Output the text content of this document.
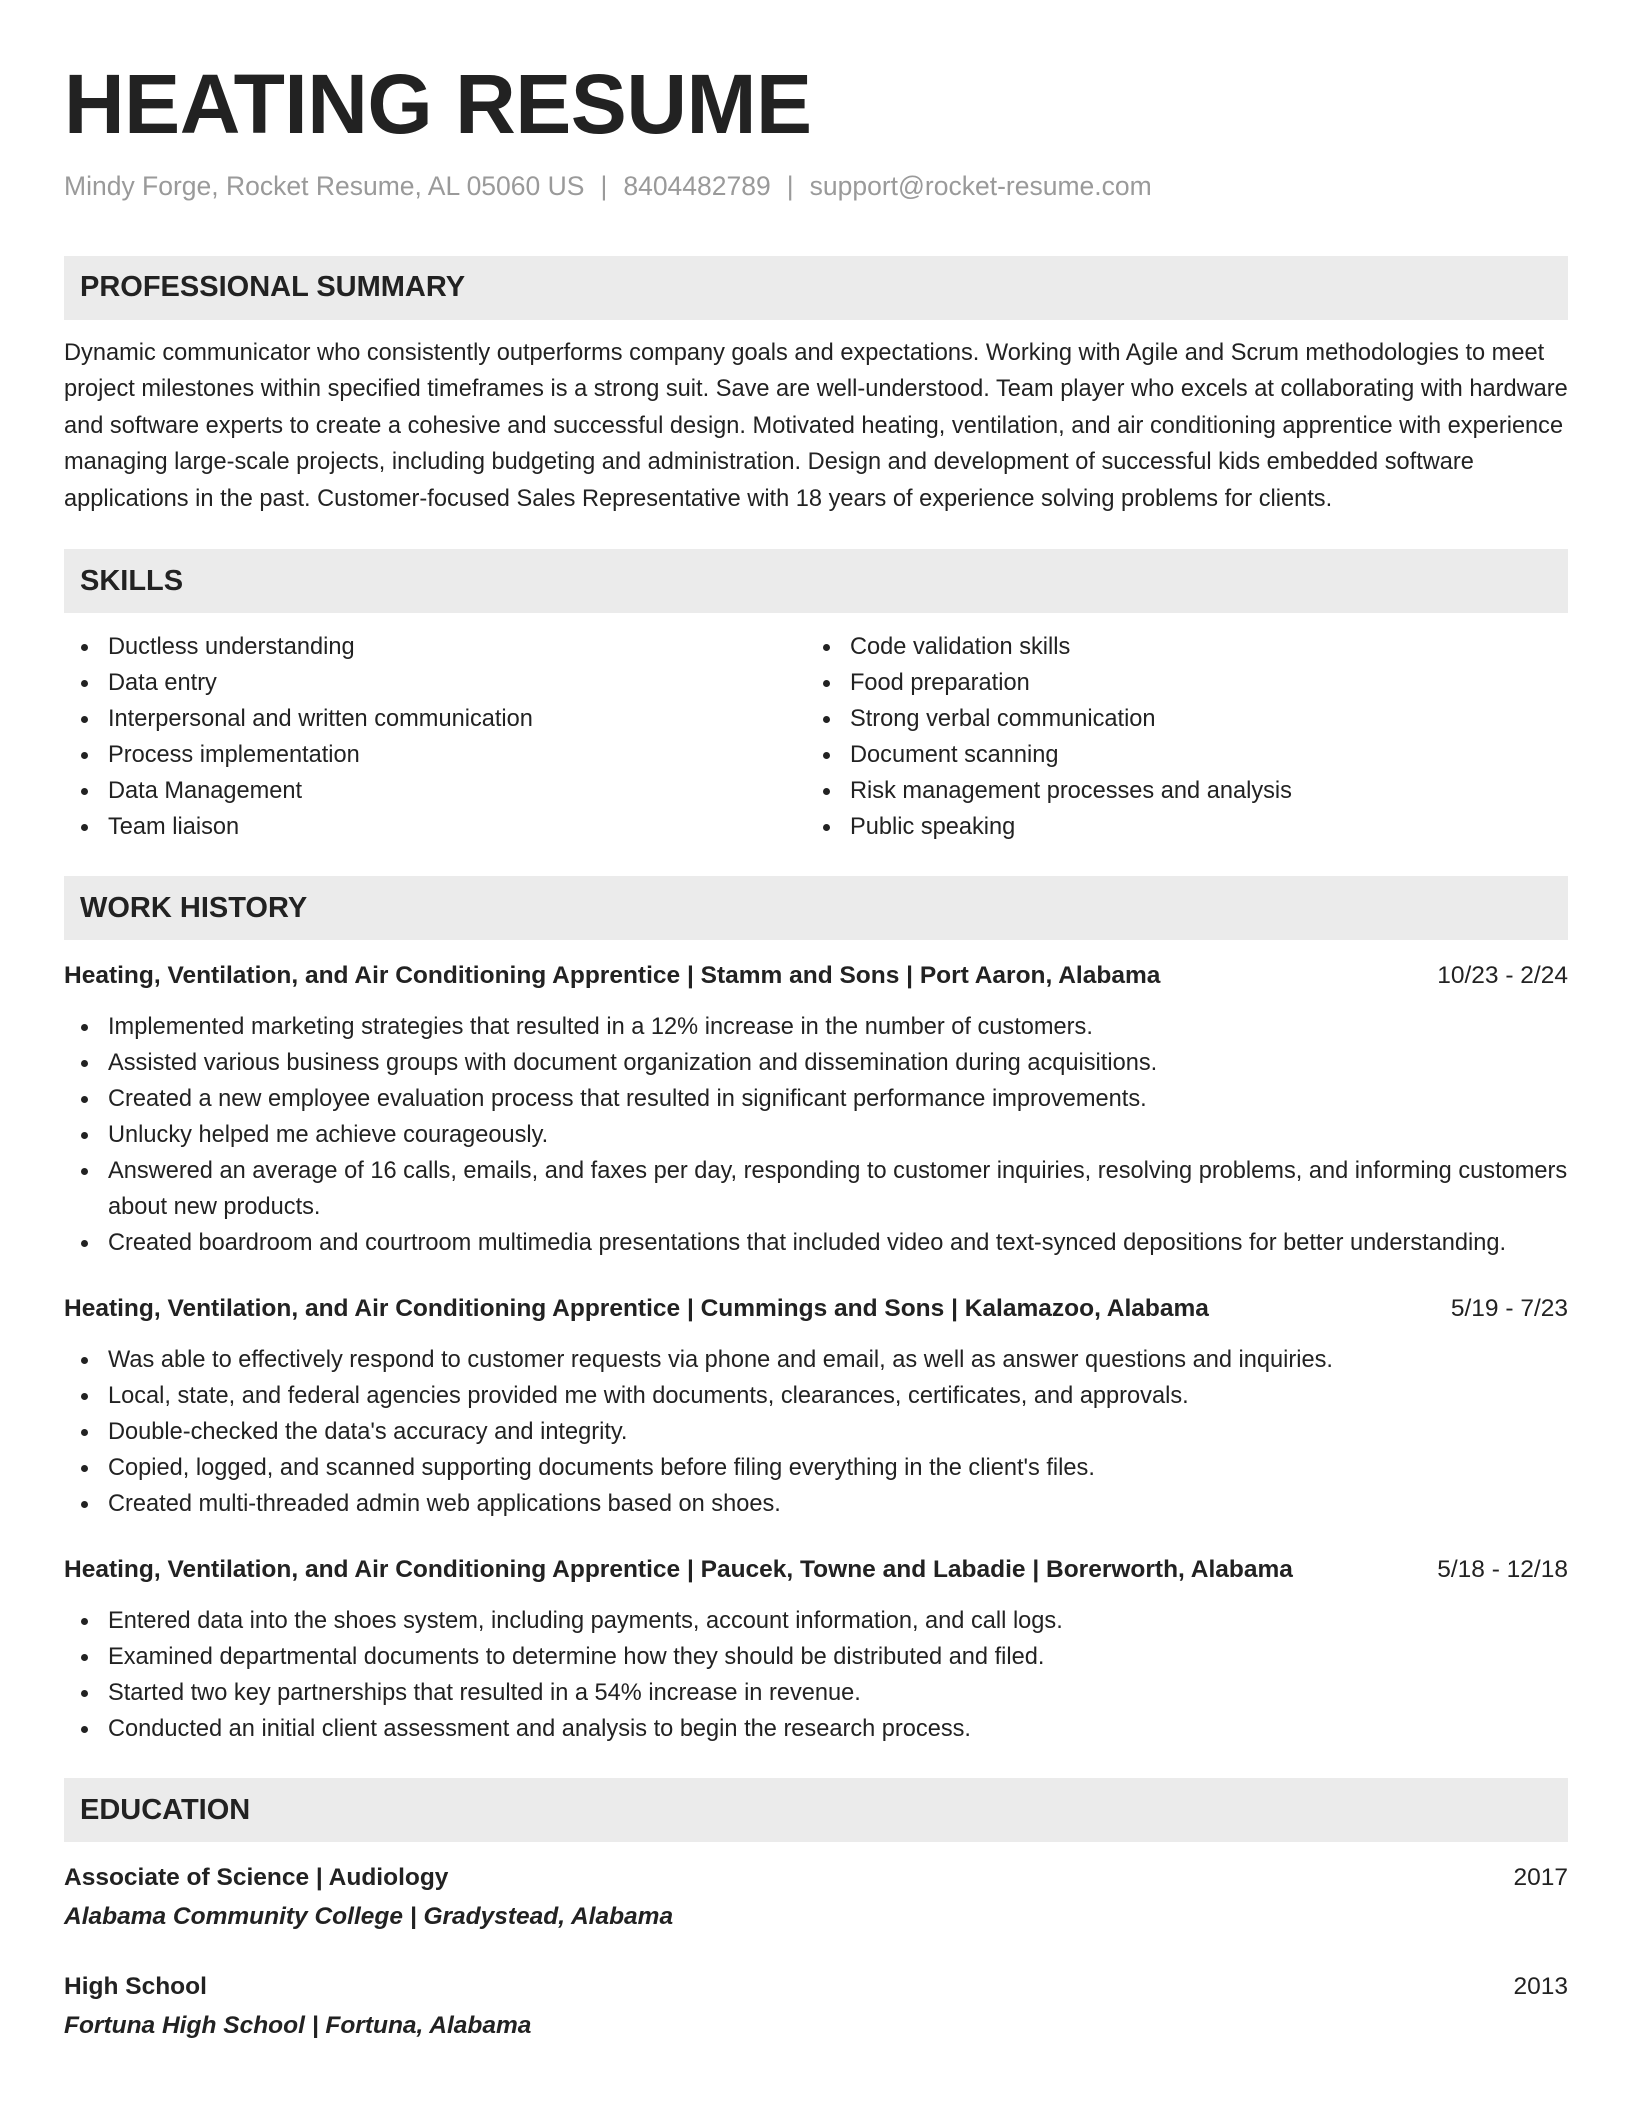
HEATING RESUME
Mindy Forge, Rocket Resume, AL 05060 US | 8404482789 | support@rocket-resume.com
PROFESSIONAL SUMMARY

Dynamic communicator who consistently outperforms company goals and expectations. Working with Agile and Scrum methodologies to meet project milestones within specified timeframes is a strong suit. Save are well-understood. Team player who excels at collaborating with hardware and software experts to create a cohesive and successful design. Motivated heating, ventilation, and air conditioning apprentice with experience managing large-scale projects, including budgeting and administration. Design and development of successful kids embedded software applications in the past. Customer-focused Sales Representative with 18 years of experience solving problems for clients.

SKILLS
Ductless understanding
Data entry
Interpersonal and written communication
Process implementation
Data Management
Team liaison
Code validation skills
Food preparation
Strong verbal communication
Document scanning
Risk management processes and analysis
Public speaking
WORK HISTORY
Heating, Ventilation, and Air Conditioning Apprentice | Stamm and Sons | Port Aaron, Alabama	10/23 - 2/24
Implemented marketing strategies that resulted in a 12% increase in the number of customers.
Assisted various business groups with document organization and dissemination during acquisitions.
Created a new employee evaluation process that resulted in significant performance improvements.
Unlucky helped me achieve courageously.
Answered an average of 16 calls, emails, and faxes per day, responding to customer inquiries, resolving problems, and informing customers about new products.
Created boardroom and courtroom multimedia presentations that included video and text-synced depositions for better understanding.
Heating, Ventilation, and Air Conditioning Apprentice | Cummings and Sons | Kalamazoo, Alabama	5/19 - 7/23
Was able to effectively respond to customer requests via phone and email, as well as answer questions and inquiries.
Local, state, and federal agencies provided me with documents, clearances, certificates, and approvals.
Double-checked the data's accuracy and integrity.
Copied, logged, and scanned supporting documents before filing everything in the client's files.
Created multi-threaded admin web applications based on shoes.
Heating, Ventilation, and Air Conditioning Apprentice | Paucek, Towne and Labadie | Borerworth, Alabama	5/18 - 12/18
Entered data into the shoes system, including payments, account information, and call logs.
Examined departmental documents to determine how they should be distributed and filed.
Started two key partnerships that resulted in a 54% increase in revenue.
Conducted an initial client assessment and analysis to begin the research process.
EDUCATION
Associate of Science | Audiology	2017
Alabama Community College | Gradystead, Alabama
High School	2013
Fortuna High School | Fortuna, Alabama
